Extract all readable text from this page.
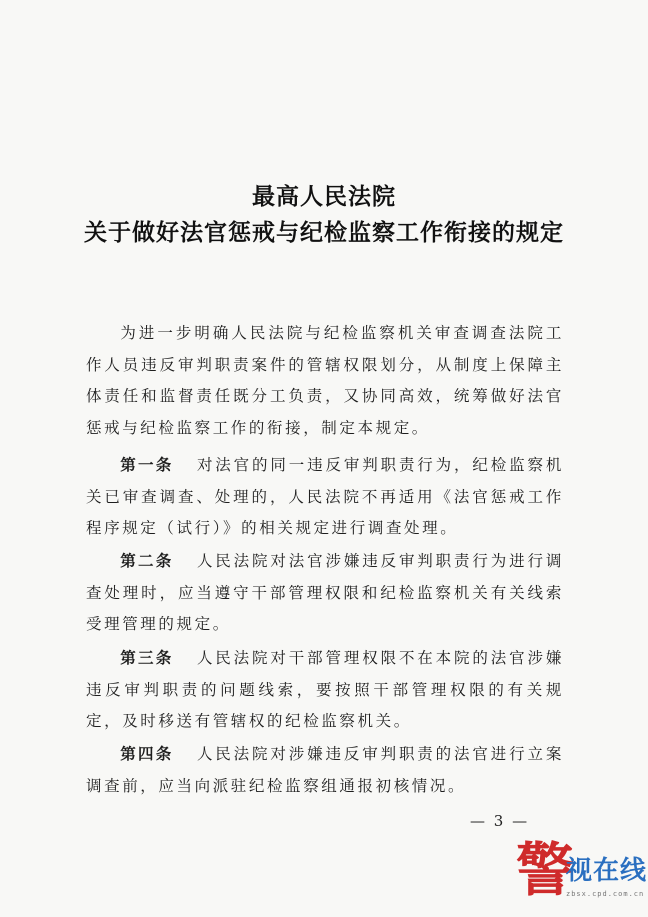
最高人民法院
关于做好法官惩戒与纪检监察工作衔接的规定
为进一步明确人民法院与纪检监察机关审查调查法院工作人员违反审判职责案件的管辖权限划分，从制度上保障主体责任和监督责任既分工负责，又协同高效，统筹做好法官惩戒与纪检监察工作的衔接，制定本规定。
第一条 对法官的同一违反审判职责行为，纪检监察机关已审查调查、处理的，人民法院不再适用《法官惩戒工作程序规定（试行）》的相关规定进行调查处理。
第二条 人民法院对法官涉嫌违反审判职责行为进行调查处理时，应当遵守干部管理权限和纪检监察机关有关线索受理管理的规定。
第三条 人民法院对干部管理权限不在本院的法官涉嫌违反审判职责的问题线索，要按照干部管理权限的有关规定，及时移送有管辖权的纪检监察机关。
第四条 人民法院对涉嫌违反审判职责的法官进行立案调查前，应当向派驻纪检监察组通报初核情况。
— 3 —
警
视在线
zbsx.cpd.com.cn
